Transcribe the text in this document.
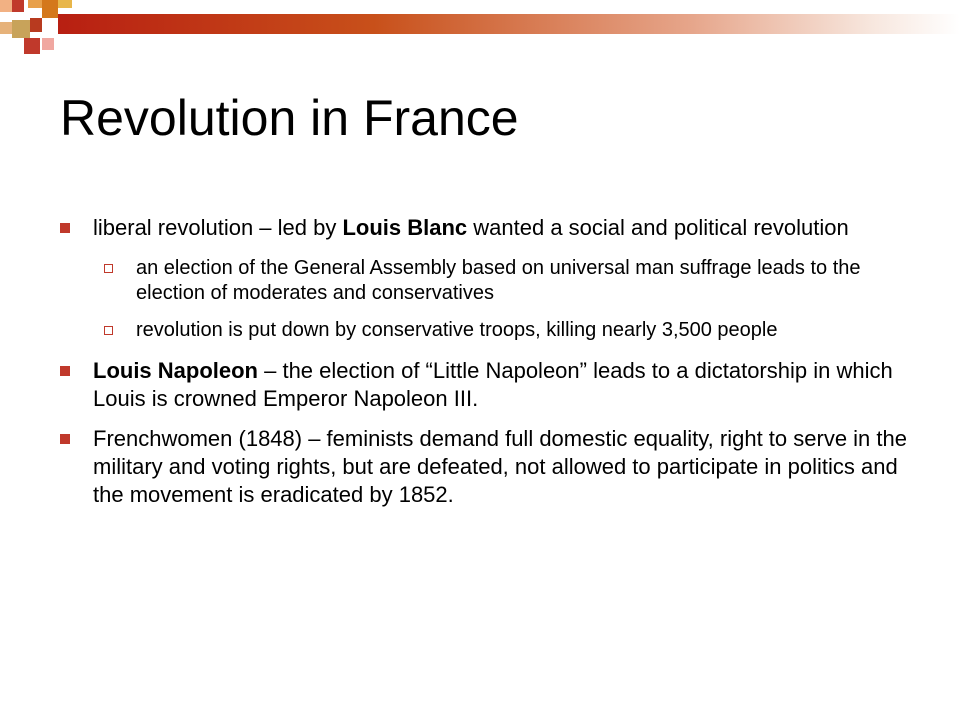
Revolution in France
liberal revolution – led by Louis Blanc wanted a social and political revolution
an election of the General Assembly based on universal man suffrage leads to the election of moderates and conservatives
revolution is put down by conservative troops, killing nearly 3,500 people
Louis Napoleon – the election of “Little Napoleon” leads to a dictatorship in which Louis is crowned Emperor Napoleon III.
Frenchwomen (1848) – feminists demand full domestic equality, right to serve in the military and voting rights, but are defeated, not allowed to participate in politics and the movement is eradicated by 1852.
